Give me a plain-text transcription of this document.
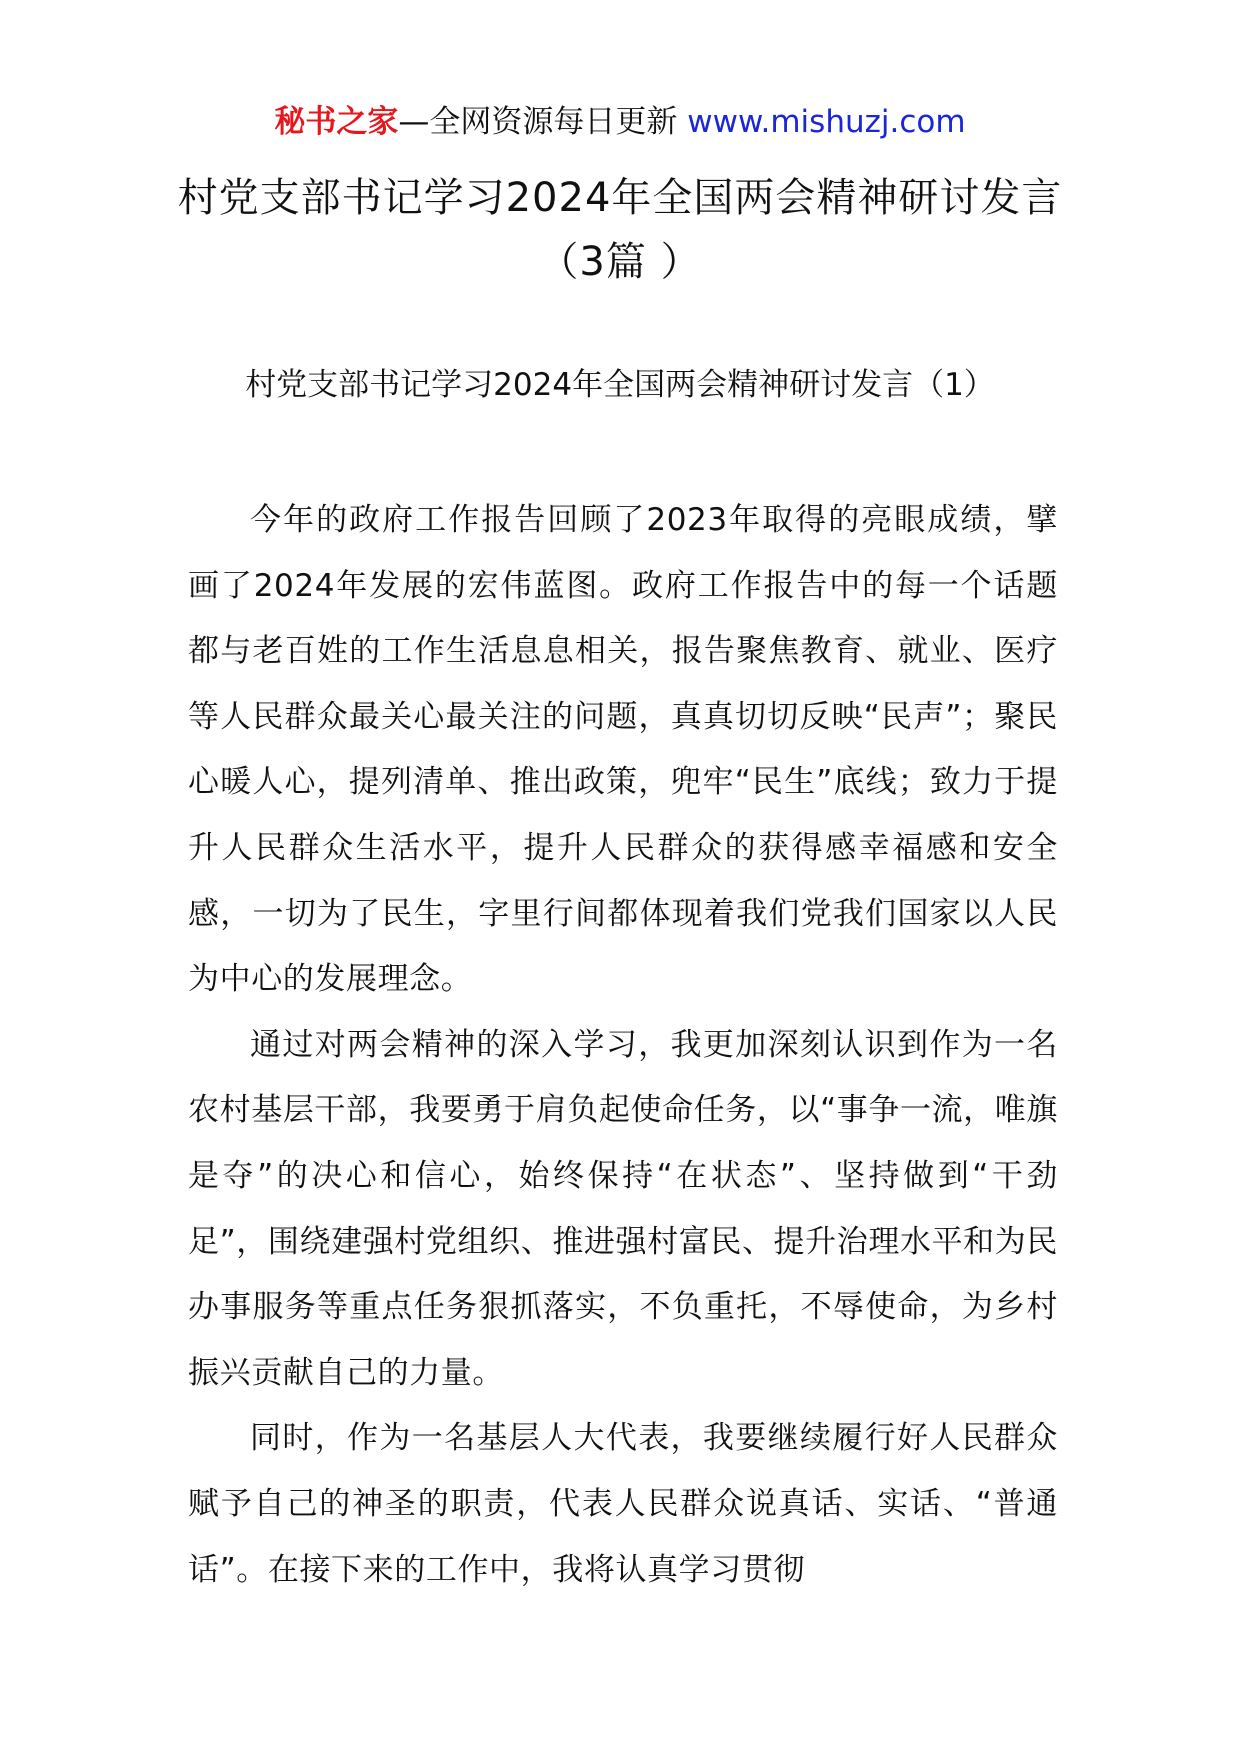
秘书之家—全网资源每日更新 www.mishuzj.com
村党支部书记学习2024年全国两会精神研讨发言（3篇 ）
村党支部书记学习2024年全国两会精神研讨发言（1）

今年的政府工作报告回顾了2023年取得的亮眼成绩，擘画了2024年发展的宏伟蓝图。政府工作报告中的每一个话题都与老百姓的工作生活息息相关，报告聚焦教育、就业、医疗等人民群众最关心最关注的问题，真真切切反映“民声”；聚民心暖人心，提列清单、推出政策，兜牢“民生”底线；致力于提升人民群众生活水平，提升人民群众的获得感幸福感和安全感，一切为了民生，字里行间都体现着我们党我们国家以人民为中心的发展理念。

通过对两会精神的深入学习，我更加深刻认识到作为一名农村基层干部，我要勇于肩负起使命任务，以“事争一流，唯旗是夺”的决心和信心，始终保持“在状态”、坚持做到“干劲足”，围绕建强村党组织、推进强村富民、提升治理水平和为民办事服务等重点任务狠抓落实，不负重托，不辱使命，为乡村振兴贡献自己的力量。

同时，作为一名基层人大代表，我要继续履行好人民群众赋予自己的神圣的职责，代表人民群众说真话、实话、“普通话”。在接下来的工作中，我将认真学习贯彻
